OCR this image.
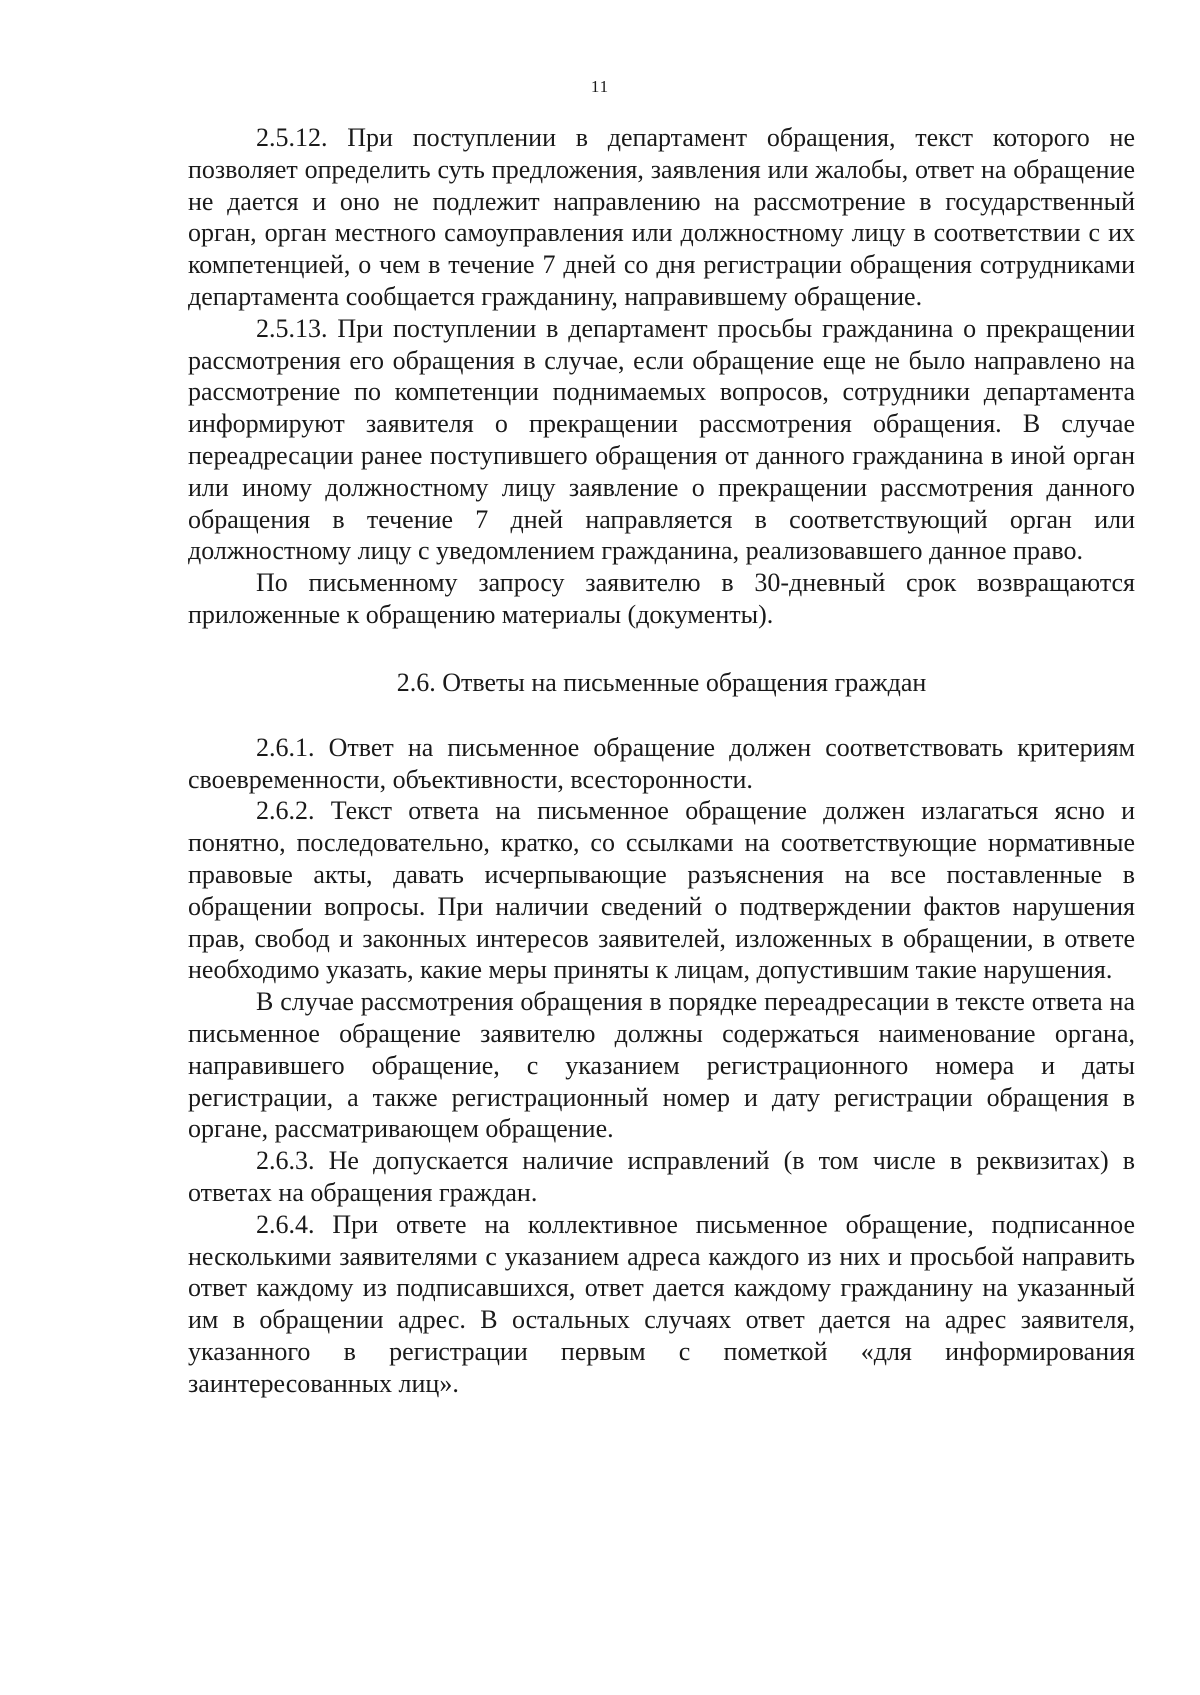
11

2.5.12. При поступлении в департамент обращения, текст которого не позволяет определить суть предложения, заявления или жалобы, ответ на обращение не дается и оно не подлежит направлению на рассмотрение в государственный орган, орган местного самоуправления или должностному лицу в соответствии с их компетенцией, о чем в течение 7 дней со дня регистрации обращения сотрудниками департамента сообщается гражданину, направившему обращение.

2.5.13. При поступлении в департамент просьбы гражданина о прекращении рассмотрения его обращения в случае, если обращение еще не было направлено на рассмотрение по компетенции поднимаемых вопросов, сотрудники департамента информируют заявителя о прекращении рассмотрения обращения. В случае переадресации ранее поступившего обращения от данного гражданина в иной орган или иному должностному лицу заявление о прекращении рассмотрения данного обращения в течение 7 дней направляется в соответствующий орган или должностному лицу с уведомлением гражданина, реализовавшего данное право.

По письменному запросу заявителю в 30-дневный срок возвращаются приложенные к обращению материалы (документы).

2.6. Ответы на письменные обращения граждан

2.6.1. Ответ на письменное обращение должен соответствовать критериям своевременности, объективности, всесторонности.

2.6.2. Текст ответа на письменное обращение должен излагаться ясно и понятно, последовательно, кратко, со ссылками на соответствующие нормативные правовые акты, давать исчерпывающие разъяснения на все поставленные в обращении вопросы. При наличии сведений о подтверждении фактов нарушения прав, свобод и законных интересов заявителей, изложенных в обращении, в ответе необходимо указать, какие меры приняты к лицам, допустившим такие нарушения.

В случае рассмотрения обращения в порядке переадресации в тексте ответа на письменное обращение заявителю должны содержаться наименование органа, направившего обращение, с указанием регистрационного номера и даты регистрации, а также регистрационный номер и дату регистрации обращения в органе, рассматривающем обращение.

2.6.3. Не допускается наличие исправлений (в том числе в реквизитах) в ответах на обращения граждан.

2.6.4. При ответе на коллективное письменное обращение, подписанное несколькими заявителями с указанием адреса каждого из них и просьбой направить ответ каждому из подписавшихся, ответ дается каждому гражданину на указанный им в обращении адрес. В остальных случаях ответ дается на адрес заявителя, указанного в регистрации первым с пометкой «для информирования заинтересованных лиц».
